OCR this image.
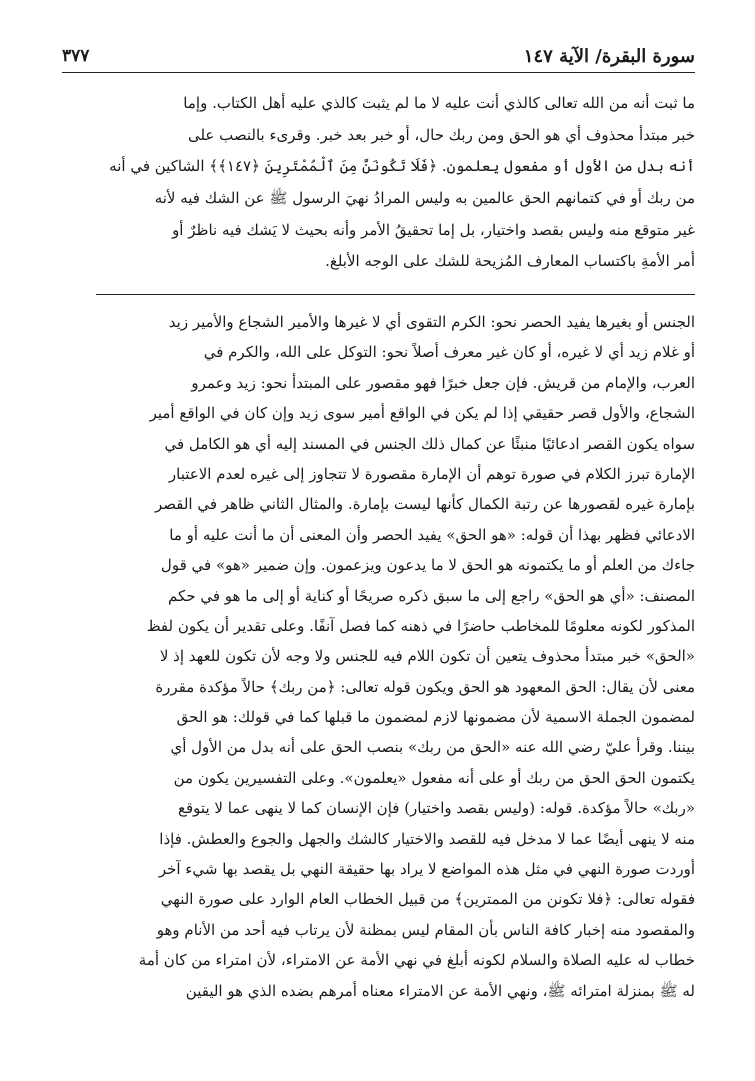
سورة البقرة/ الآية ١٤٧
٣٧٧
ما ثبت أنه من الله تعالى كالذي أنت عليه لا ما لم يثبت كالذي عليه أهل الكتاب. وإما
خبر مبتدأ محذوف أي هو الحق ومن ربك حال، أو خبر بعد خبر. وقرىء بالنصب على
أنه بدل من الأول أو مفعول يعلمون. ﴿فَلَا تَكُونَنَّ مِنَ ٱلْمُمْتَرِينَ ﴿١٤٧﴾﴾ الشاكين في أنه
من ربك أو في كتمانهم الحق عالمين به وليس المرادُ نهيَ الرسول ﷺ عن الشك فيه لأنه
غير متوقع منه وليس بقصد واختيار، بل إما تحقيقُ الأمر وأنه بحيث لا يَشك فيه ناظرٌ أو
أمر الأمةِ باكتساب المعارف المُزيحة للشك على الوجه الأبلغ.
الجنس أو بغيرها يفيد الحصر نحو: الكرم التقوى أي لا غيرها والأمير الشجاع والأمير زيد
أو غلام زيد أي لا غيره، أو كان غير معرف أصلاً نحو: التوكل على الله، والكرم في
العرب، والإمام من قريش. فإن جعل خبرًا فهو مقصور على المبتدأ نحو: زيد وعمرو
الشجاع، والأول قصر حقيقي إذا لم يكن في الواقع أمير سوى زيد وإن كان في الواقع أمير
سواه يكون القصر ادعائيًا منبئًا عن كمال ذلك الجنس في المسند إليه أي هو الكامل في
الإمارة تبرز الكلام في صورة توهم أن الإمارة مقصورة لا تتجاوز إلى غيره لعدم الاعتبار
بإمارة غيره لقصورها عن رتبة الكمال كأنها ليست بإمارة. والمثال الثاني ظاهر في القصر
الادعائي فظهر بهذا أن قوله: «هو الحق» يفيد الحصر وأن المعنى أن ما أنت عليه أو ما
جاءك من العلم أو ما يكتمونه هو الحق لا ما يدعون ويزعمون. وإن ضمير «هو» في قول
المصنف: «أي هو الحق» راجع إلى ما سبق ذكره صريحًا أو كناية أو إلى ما هو في حكم
المذكور لكونه معلومًا للمخاطب حاضرًا في ذهنه كما فصل آنفًا. وعلى تقدير أن يكون لفظ
«الحق» خبر مبتدأ محذوف يتعين أن تكون اللام فيه للجنس ولا وجه لأن تكون للعهد إذ لا
معنى لأن يقال: الحق المعهود هو الحق ويكون قوله تعالى: ﴿من ربك﴾ حالاً مؤكدة مقررة
لمضمون الجملة الاسمية لأن مضمونها لازم لمضمون ما قبلها كما في قولك: هو الحق
بيننا. وقرأ عليّ رضي الله عنه «الحق من ربك» بنصب الحق على أنه بدل من الأول أي
يكتمون الحق الحق من ربك أو على أنه مفعول «يعلمون». وعلى التفسيرين يكون من
«ربك» حالاً مؤكدة. قوله: (وليس بقصد واختيار) فإن الإنسان كما لا ينهى عما لا يتوقع
منه لا ينهى أيضًا عما لا مدخل فيه للقصد والاختيار كالشك والجهل والجوع والعطش. فإذا
أوردت صورة النهي في مثل هذه المواضع لا يراد بها حقيقة النهي بل يقصد بها شيء آخر
فقوله تعالى: ﴿فلا تكونن من الممترين﴾ من قبيل الخطاب العام الوارد على صورة النهي
والمقصود منه إخبار كافة الناس بأن المقام ليس بمظنة لأن يرتاب فيه أحد من الأنام وهو
خطاب له عليه الصلاة والسلام لكونه أبلغ في نهي الأمة عن الامتراء، لأن امتراء من كان أمة
له ﷺ بمنزلة امترائه ﷺ، ونهي الأمة عن الامتراء معناه أمرهم بضده الذي هو اليقين
